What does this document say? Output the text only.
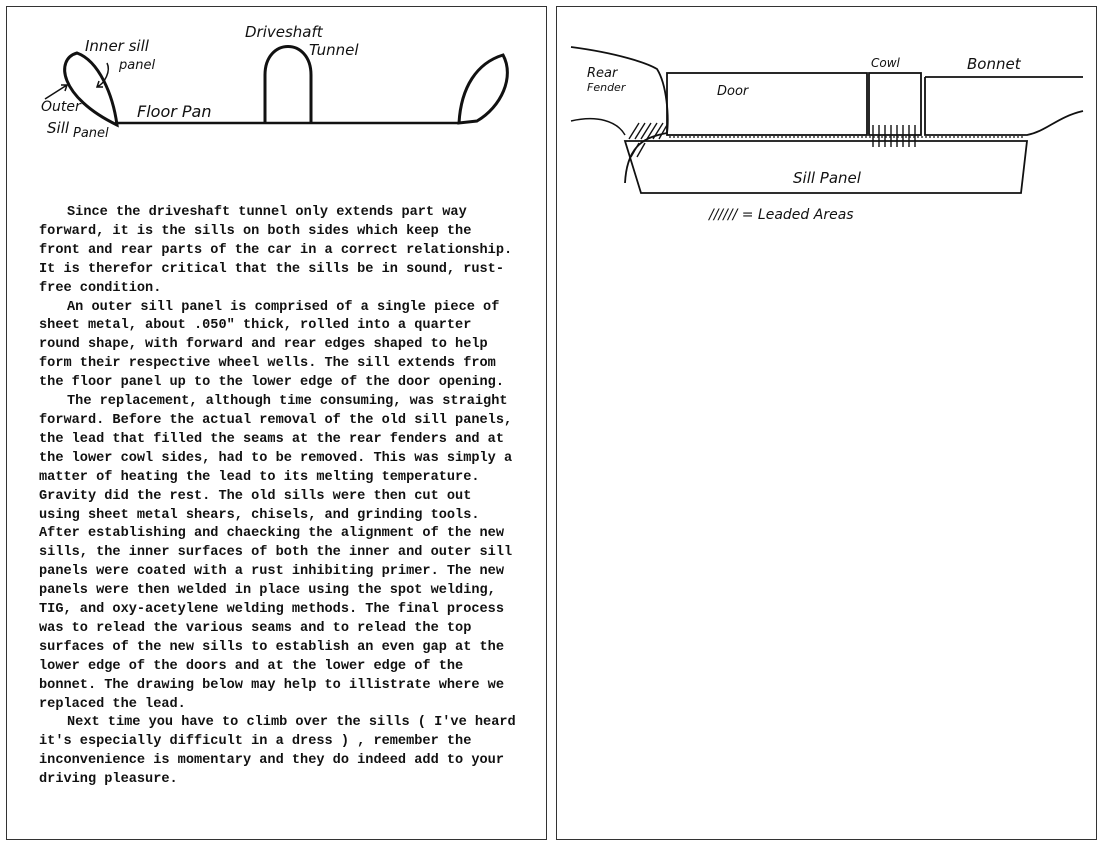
Inner sill
panel
Driveshaft
Tunnel
Outer
Sill Panel
Floor Pan

Since the driveshaft tunnel only extends part way forward, it is the sills on both sides which keep the front and rear parts of the car in a correct relationship. It is therefor critical that the sills be in sound, rust-free condition.

An outer sill panel is comprised of a single piece of sheet metal, about .050" thick, rolled into a quarter round shape, with forward and rear edges shaped to help form their respective wheel wells. The sill extends from the floor panel up to the lower edge of the door opening.

The replacement, although time consuming, was straight forward. Before the actual removal of the old sill panels, the lead that filled the seams at the rear fenders and at the lower cowl sides, had to be removed. This was simply a matter of heating the lead to its melting temperature. Gravity did the rest. The old sills were then cut out using sheet metal shears, chisels, and grinding tools. After establishing and chaecking the alignment of the new sills, the inner surfaces of both the inner and outer sill panels were coated with a rust inhibiting primer. The new panels were then welded in place using the spot welding, TIG, and oxy-acetylene welding methods. The final process was to relead the various seams and to relead the top surfaces of the new sills to establish an even gap at the lower edge of the doors and at the lower edge of the bonnet. The drawing below may help to illistrate where we replaced the lead.

Next time you have to climb over the sills ( I've heard it's especially difficult in a dress ) , remember the inconvenience is momentary and they do indeed add to your driving pleasure.

Rear
Fender	Door
Cowl	Bonnet
Sill Panel
////// = Leaded Areas
